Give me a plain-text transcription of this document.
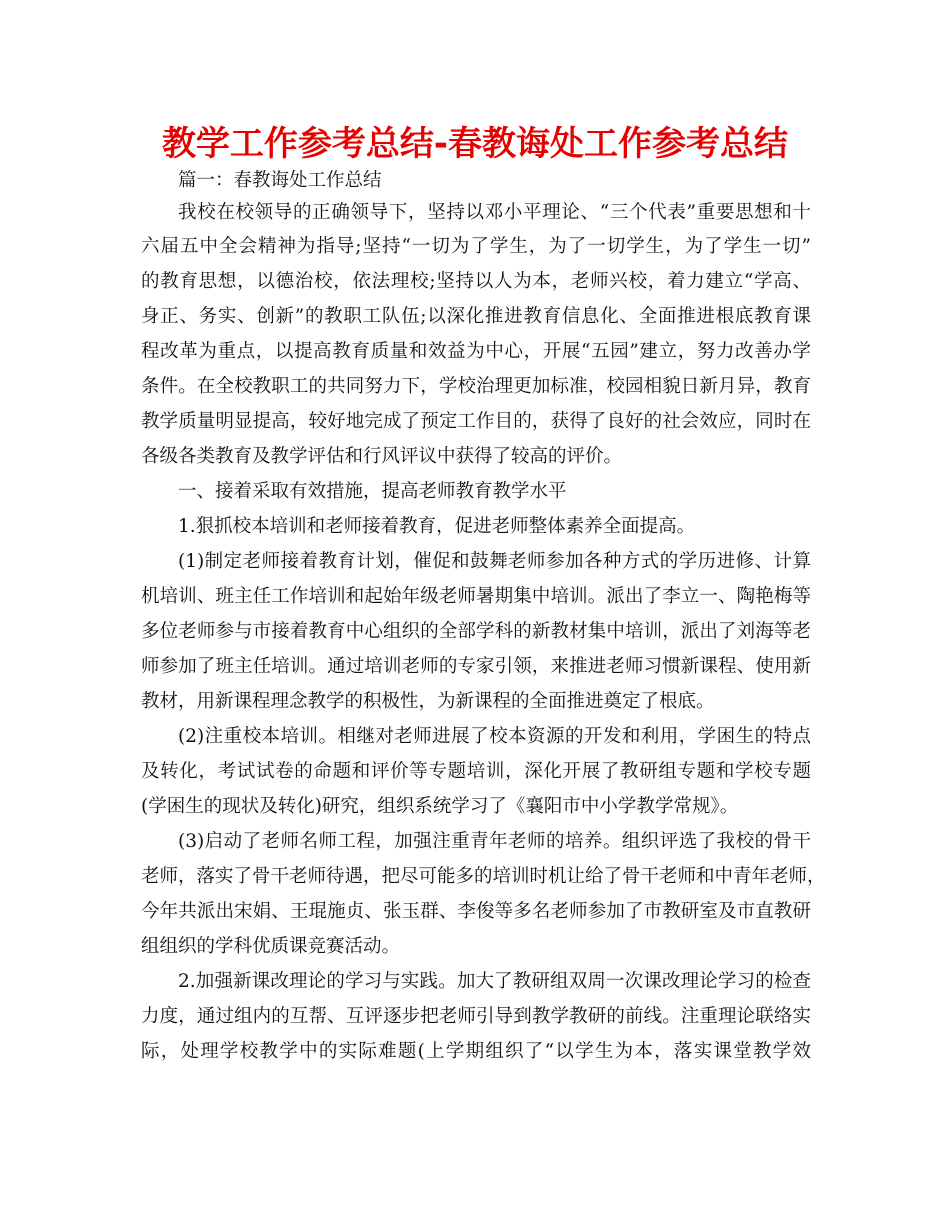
教学工作参考总结-春教诲处工作参考总结
篇一：春教诲处工作总结
我校在校领导的正确领导下，坚持以邓小平理论、“三个代表”重要思想和十
六届五中全会精神为指导;坚持“一切为了学生，为了一切学生，为了学生一切”
的教育思想，以德治校，依法理校;坚持以人为本，老师兴校，着力建立“学高、
身正、务实、创新”的教职工队伍;以深化推进教育信息化、全面推进根底教育课
程改革为重点，以提高教育质量和效益为中心，开展“五园”建立，努力改善办学
条件。在全校教职工的共同努力下，学校治理更加标准，校园相貌日新月异，教育
教学质量明显提高，较好地完成了预定工作目的，获得了良好的社会效应，同时在
各级各类教育及教学评估和行风评议中获得了较高的评价。
一、接着采取有效措施，提高老师教育教学水平
1.狠抓校本培训和老师接着教育，促进老师整体素养全面提高。
(1)制定老师接着教育计划，催促和鼓舞老师参加各种方式的学历进修、计算
机培训、班主任工作培训和起始年级老师暑期集中培训。派出了李立一、陶艳梅等
多位老师参与市接着教育中心组织的全部学科的新教材集中培训，派出了刘海等老
师参加了班主任培训。通过培训老师的专家引领，来推进老师习惯新课程、使用新
教材，用新课程理念教学的积极性，为新课程的全面推进奠定了根底。
(2)注重校本培训。相继对老师进展了校本资源的开发和利用，学困生的特点
及转化，考试试卷的命题和评价等专题培训，深化开展了教研组专题和学校专题
(学困生的现状及转化)研究，组织系统学习了《襄阳市中小学教学常规》。
(3)启动了老师名师工程，加强注重青年老师的培养。组织评选了我校的骨干
老师，落实了骨干老师待遇，把尽可能多的培训时机让给了骨干老师和中青年老师，
今年共派出宋娟、王琨施贞、张玉群、李俊等多名老师参加了市教研室及市直教研
组组织的学科优质课竞赛活动。
2.加强新课改理论的学习与实践。加大了教研组双周一次课改理论学习的检查
力度，通过组内的互帮、互评逐步把老师引导到教学教研的前线。注重理论联络实
际，处理学校教学中的实际难题(上学期组织了“以学生为本，落实课堂教学效
